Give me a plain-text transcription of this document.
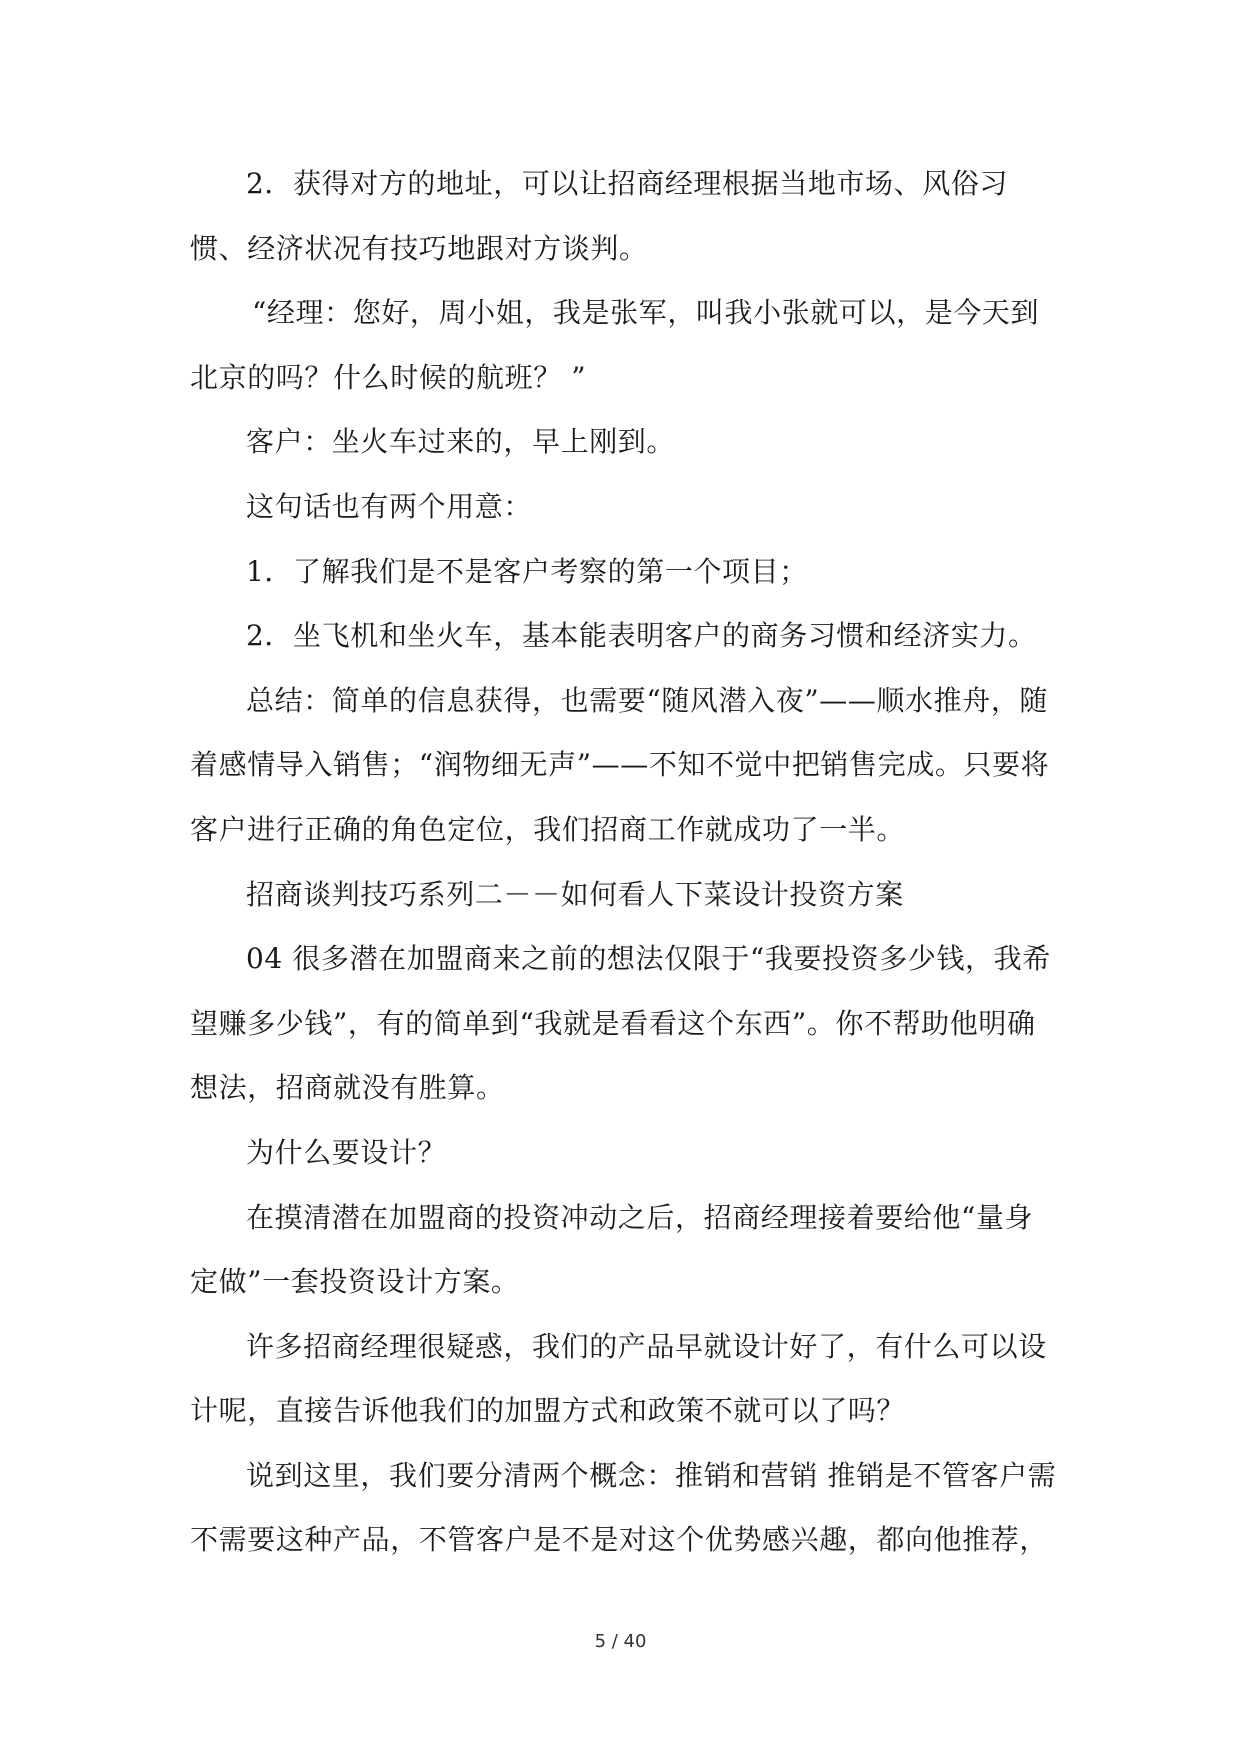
2．获得对方的地址，可以让招商经理根据当地市场、风俗习惯、经济状况有技巧地跟对方谈判。

“经理：您好，周小姐，我是张军，叫我小张就可以，是今天到北京的吗？什么时候的航班？ ”

客户：坐火车过来的，早上刚到。

这句话也有两个用意：

1．了解我们是不是客户考察的第一个项目；

2．坐飞机和坐火车，基本能表明客户的商务习惯和经济实力。

总结：简单的信息获得，也需要“随风潜入夜”——顺水推舟，随着感情导入销售；“润物细无声”——不知不觉中把销售完成。只要将客户进行正确的角色定位，我们招商工作就成功了一半。

招商谈判技巧系列二－－如何看人下菜设计投资方案

04 很多潜在加盟商来之前的想法仅限于“我要投资多少钱，我希望赚多少钱”，有的简单到“我就是看看这个东西”。你不帮助他明确想法，招商就没有胜算。

为什么要设计？

在摸清潜在加盟商的投资冲动之后，招商经理接着要给他“量身定做”一套投资设计方案。

许多招商经理很疑惑，我们的产品早就设计好了，有什么可以设计呢，直接告诉他我们的加盟方式和政策不就可以了吗？

说到这里，我们要分清两个概念：推销和营销 推销是不管客户需不需要这种产品，不管客户是不是对这个优势感兴趣，都向他推荐，

5 / 40
